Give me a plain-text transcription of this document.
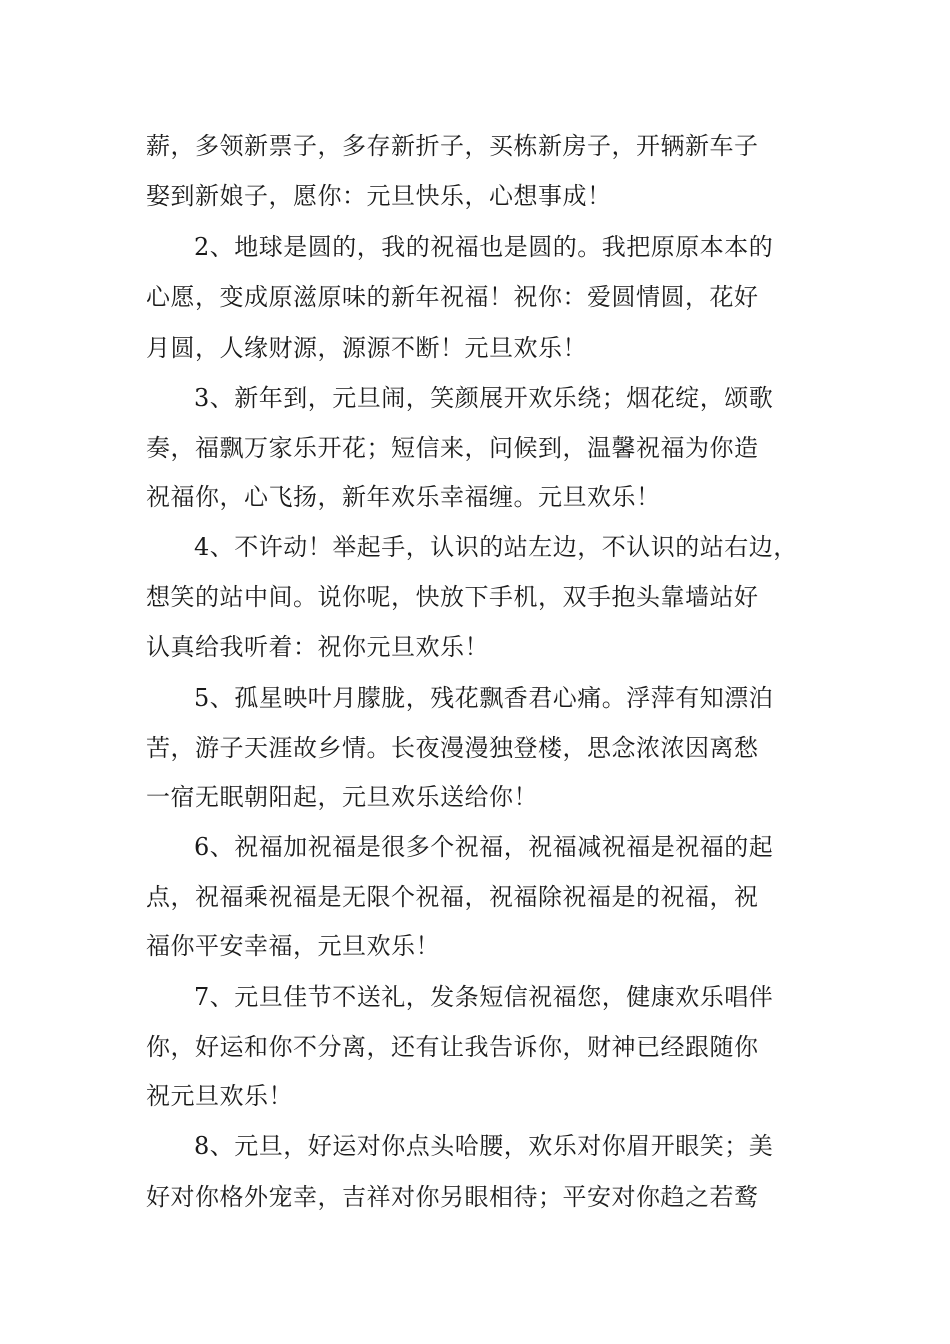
薪，多领新票子，多存新折子，买栋新房子，开辆新车子
娶到新娘子，愿你：元旦快乐，心想事成！
2、地球是圆的，我的祝福也是圆的。我把原原本本的
心愿，变成原滋原味的新年祝福！祝你：爱圆情圆，花好
月圆，人缘财源，源源不断！元旦欢乐！
3、新年到，元旦闹，笑颜展开欢乐绕；烟花绽，颂歌
奏，福飘万家乐开花；短信来，问候到，温馨祝福为你造
祝福你，心飞扬，新年欢乐幸福缠。元旦欢乐！
4、不许动！举起手，认识的站左边，不认识的站右边，
想笑的站中间。说你呢，快放下手机，双手抱头靠墙站好
认真给我听着：祝你元旦欢乐！
5、孤星映叶月朦胧，残花飘香君心痛。浮萍有知漂泊
苦，游子天涯故乡情。长夜漫漫独登楼，思念浓浓因离愁
一宿无眠朝阳起，元旦欢乐送给你！
6、祝福加祝福是很多个祝福，祝福减祝福是祝福的起
点，祝福乘祝福是无限个祝福，祝福除祝福是的祝福，祝
福你平安幸福，元旦欢乐！
7、元旦佳节不送礼，发条短信祝福您，健康欢乐唱伴
你，好运和你不分离，还有让我告诉你，财神已经跟随你
祝元旦欢乐！
8、元旦，好运对你点头哈腰，欢乐对你眉开眼笑；美
好对你格外宠幸，吉祥对你另眼相待；平安对你趋之若鹜
